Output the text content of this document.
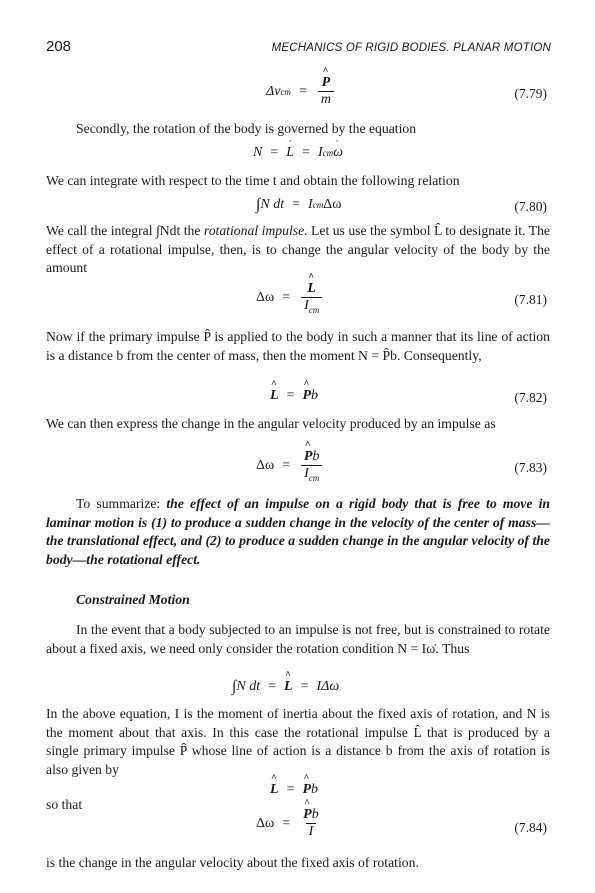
208	MECHANICS OF RIGID BODIES. PLANAR MOTION
Δv cm = ^ $\frac{P}{m}$	(7.79)
Secondly, the rotation of the body is governed by the equation
N = ˙ L = I cm ˙ ω
We can integrate with respect to the time t and obtain the following relation
∫ N dt = I cm Δω	(7.80)
We call the integral ∫Ndt the rotational impulse. Let us use the symbol L̂ to designate it. The effect of a rotational impulse, then, is to change the angular velocity of the body by the amount
Δω = ^ $\frac{L}{I_{cm}}$	(7.81)
Now if the primary impulse P̂ is applied to the body in such a manner that its line of action is a distance b from the center of mass, then the moment N = P̂b. Consequently,
^ L = ^ P b	(7.82)
We can then express the change in the angular velocity produced by an impulse as
Δω = ^ $\frac{Pb}{I_{cm}}$	(7.83)
To summarize: the effect of an impulse on a rigid body that is free to move in laminar motion is (1) to produce a sudden change in the velocity of the center of mass—the translational effect, and (2) to produce a sudden change in the angular velocity of the body—the rotational effect.
Constrained Motion
In the event that a body subjected to an impulse is not free, but is constrained to rotate about a fixed axis, we need only consider the rotation condition N = Iω̇. Thus
∫ N dt = ^ L = IΔω
In the above equation, I is the moment of inertia about the fixed axis of rotation, and N is the moment about that axis. In this case the rotational impulse L̂ that is produced by a single primary impulse P̂ whose line of action is a distance b from the axis of rotation is also given by
^ L = ^ P b
so that
Δω = ^ $\frac{Pb}{I}$	(7.84)
is the change in the angular velocity about the fixed axis of rotation.
